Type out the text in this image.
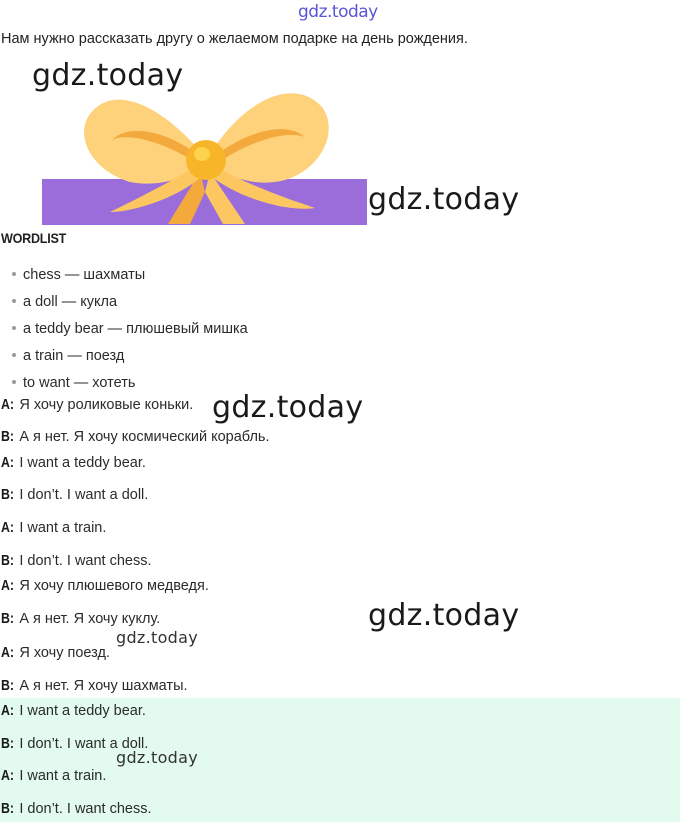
gdz.today
Нам нужно рассказать другу о желаемом подарке на день рождения.
gdz.today
gdz.today
WORDLIST
chess — шахматы
a doll — кукла
a teddy bear — плюшевый мишка
a train — поезд
to want — хотеть
A: Я хочу роликовые коньки.
B: А я нет. Я хочу космический корабль.
A: I want a teddy bear.
B: I don’t. I want a doll.
A: I want a train.
B: I don’t. I want chess.
A: Я хочу плюшевого медведя.
B: А я нет. Я хочу куклу.
A: Я хочу поезд.
B: А я нет. Я хочу шахматы.
A: I want a teddy bear.
B: I don’t. I want a doll.
A: I want a train.
B: I don’t. I want chess.
gdz.today
gdz.today
gdz.today
gdz.today
